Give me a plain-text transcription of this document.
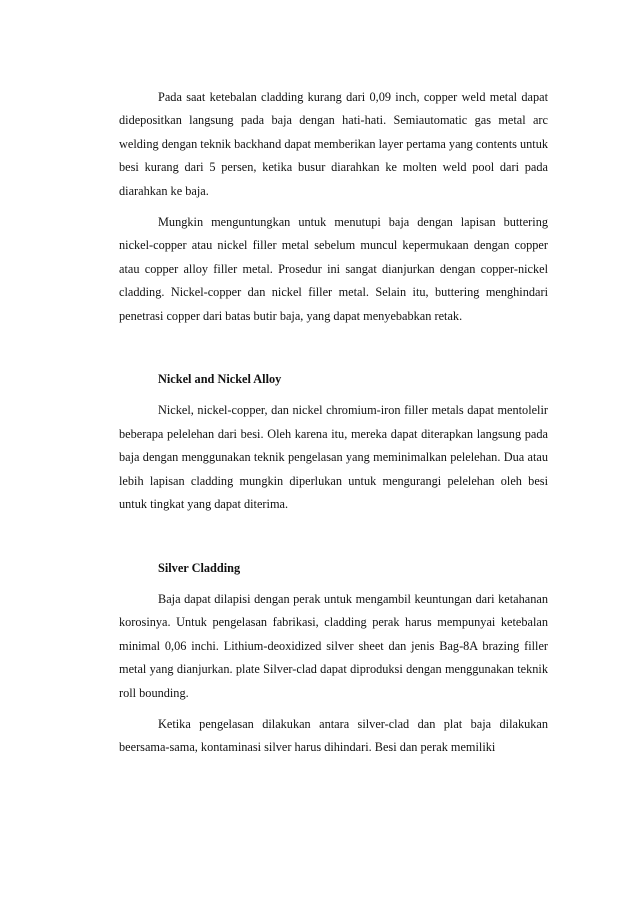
Pada saat ketebalan cladding kurang dari 0,09 inch, copper weld metal dapat didepositkan langsung pada baja dengan hati-hati. Semiautomatic gas metal arc welding dengan teknik backhand dapat memberikan layer pertama yang contents untuk besi kurang dari 5 persen, ketika busur diarahkan ke molten weld pool dari pada diarahkan ke baja.

Mungkin menguntungkan untuk menutupi baja dengan lapisan buttering nickel-copper atau nickel filler metal sebelum muncul kepermukaan dengan copper atau copper alloy filler metal. Prosedur ini sangat dianjurkan dengan copper-nickel cladding. Nickel-copper dan nickel filler metal. Selain itu, buttering menghindari penetrasi copper dari batas butir baja, yang dapat menyebabkan retak.

Nickel and Nickel Alloy

Nickel, nickel-copper, dan nickel chromium-iron filler metals dapat mentolelir beberapa pelelehan dari besi. Oleh karena itu, mereka dapat diterapkan langsung pada baja dengan menggunakan teknik pengelasan yang meminimalkan pelelehan. Dua atau lebih lapisan cladding mungkin diperlukan untuk mengurangi pelelehan oleh besi untuk tingkat yang dapat diterima.

Silver Cladding

Baja dapat dilapisi dengan perak untuk mengambil keuntungan dari ketahanan korosinya. Untuk pengelasan fabrikasi, cladding perak harus mempunyai ketebalan minimal 0,06 inchi. Lithium-deoxidized silver sheet dan jenis Bag-8A brazing filler metal yang dianjurkan. plate Silver-clad dapat diproduksi dengan menggunakan teknik roll bounding.

Ketika pengelasan dilakukan antara silver-clad dan plat baja dilakukan beersama-sama, kontaminasi silver harus dihindari. Besi dan perak memiliki
